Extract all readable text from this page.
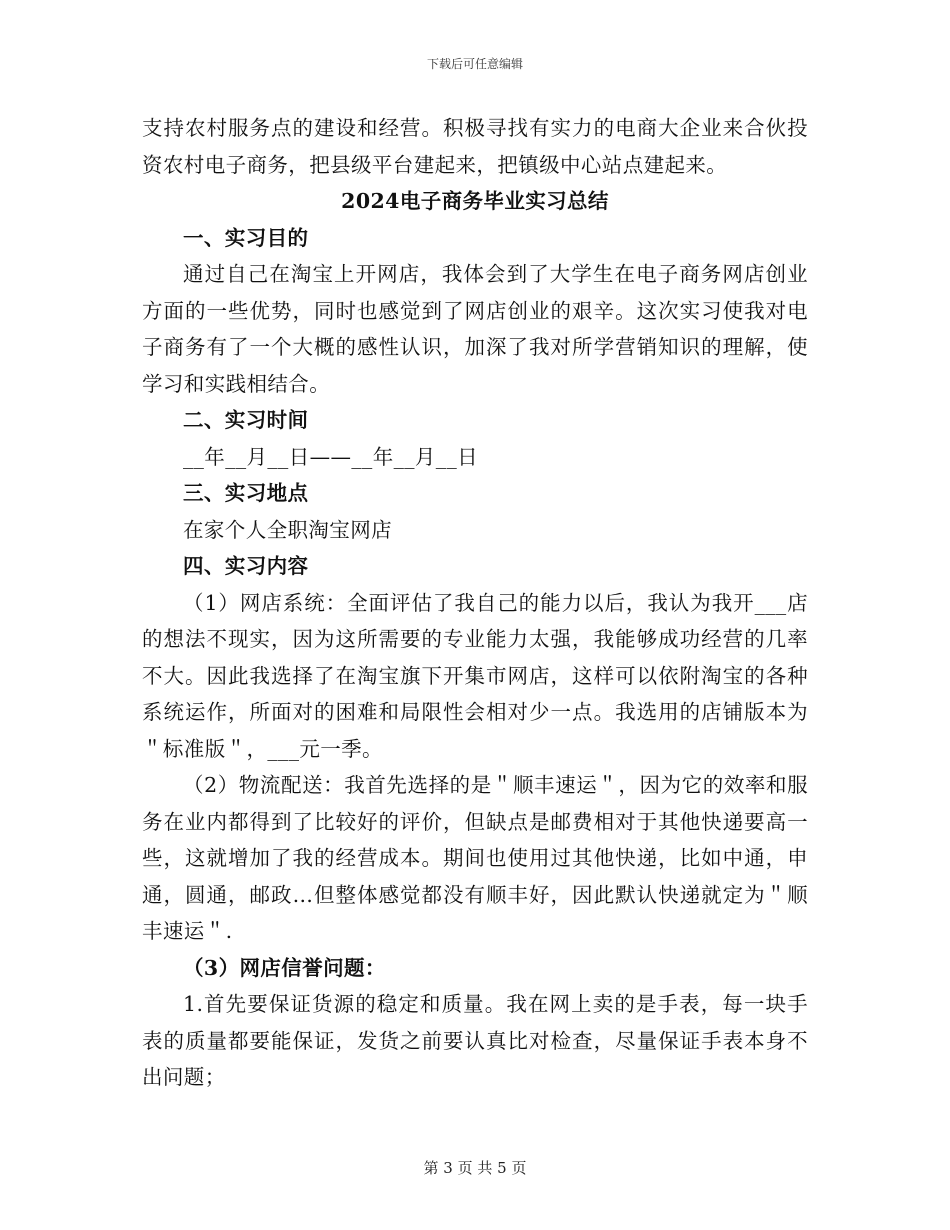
下载后可任意编辑

支持农村服务点的建设和经营。积极寻找有实力的电商大企业来合伙投资农村电子商务，把县级平台建起来，把镇级中心站点建起来。

2024电子商务毕业实习总结

一、实习目的

通过自己在淘宝上开网店，我体会到了大学生在电子商务网店创业方面的一些优势，同时也感觉到了网店创业的艰辛。这次实习使我对电子商务有了一个大概的感性认识，加深了我对所学营销知识的理解，使学习和实践相结合。

二、实习时间

__年__月__日——__年__月__日

三、实习地点

在家个人全职淘宝网店

四、实习内容

（1）网店系统：全面评估了我自己的能力以后，我认为我开___店的想法不现实，因为这所需要的专业能力太强，我能够成功经营的几率不大。因此我选择了在淘宝旗下开集市网店，这样可以依附淘宝的各种系统运作，所面对的困难和局限性会相对少一点。我选用的店铺版本为＂标准版＂，___元一季。

（2）物流配送：我首先选择的是＂顺丰速运＂，因为它的效率和服务在业内都得到了比较好的评价，但缺点是邮费相对于其他快递要高一些，这就增加了我的经营成本。期间也使用过其他快递，比如中通，申通，圆通，邮政…但整体感觉都没有顺丰好，因此默认快递就定为＂顺丰速运＂.

（3）网店信誉问题：

1.首先要保证货源的稳定和质量。我在网上卖的是手表，每一块手表的质量都要能保证，发货之前要认真比对检查，尽量保证手表本身不出问题；

第 3 页 共 5 页
